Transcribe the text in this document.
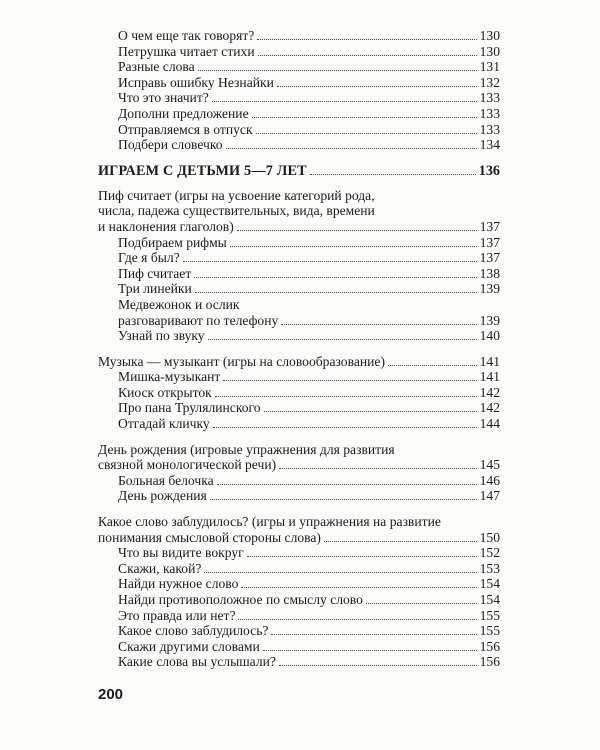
О чем еще так говорят?	130
Петрушка читает стихи	130
Разные слова	131
Исправь ошибку Незнайки	132
Что это значит?	133
Дополни предложение	133
Отправляемся в отпуск	133
Подбери словечко	134
ИГРАЕМ С ДЕТЬМИ 5—7 ЛЕТ	136
Пиф считает (игры на усвоение категорий рода,
числа, падежа существительных, вида, времени
и наклонения глаголов)	137
Подбираем рифмы	137
Где я был?	137
Пиф считает	138
Три линейки	139
Медвежонок и ослик
разговаривают по телефону	139
Узнай по звуку	140
Музыка — музыкант (игры на словообразование)	141
Мишка-музыкант	141
Киоск открыток	142
Про пана Трулялинского	142
Отгадай кличку	144
День рождения (игровые упражнения для развития
связной монологической речи)	145
Больная белочка	146
День рождения	147
Какое слово заблудилось? (игры и упражнения на развитие
понимания смысловой стороны слова)	150
Что вы видите вокруг	152
Скажи, какой?	153
Найди нужное слово	154
Найди противоположное по смыслу слово	154
Это правда или нет?	155
Какое слово заблудилось?	155
Скажи другими словами	156
Какие слова вы услышали?	156
200
